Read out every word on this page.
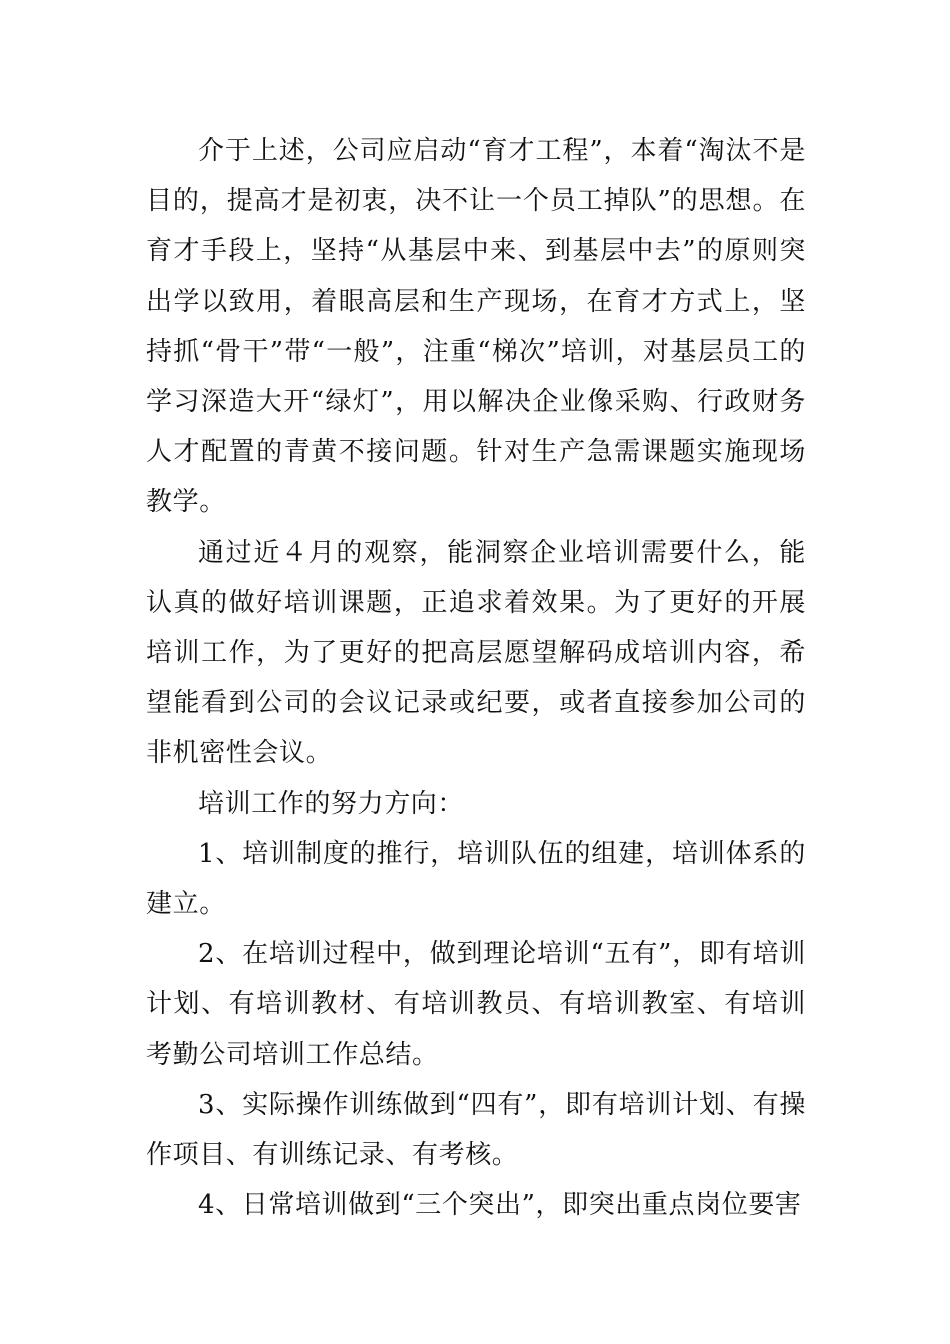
介于上述，公司应启动“育才工程”，本着“淘汰不是目的，提高才是初衷，决不让一个员工掉队”的思想。在育才手段上，坚持“从基层中来、到基层中去”的原则突出学以致用，着眼高层和生产现场，在育才方式上，坚持抓“骨干”带“一般”，注重“梯次”培训，对基层员工的学习深造大开“绿灯”，用以解决企业像采购、行政财务人才配置的青黄不接问题。针对生产急需课题实施现场教学。

通过近４月的观察，能洞察企业培训需要什么，能认真的做好培训课题，正追求着效果。为了更好的开展培训工作，为了更好的把高层愿望解码成培训内容，希望能看到公司的会议记录或纪要，或者直接参加公司的非机密性会议。

培训工作的努力方向：

1、培训制度的推行，培训队伍的组建，培训体系的建立。

2、在培训过程中，做到理论培训“五有”，即有培训计划、有培训教材、有培训教员、有培训教室、有培训考勤公司培训工作总结。

3、实际操作训练做到“四有”，即有培训计划、有操作项目、有训练记录、有考核。

4、日常培训做到“三个突出”，即突出重点岗位要害
